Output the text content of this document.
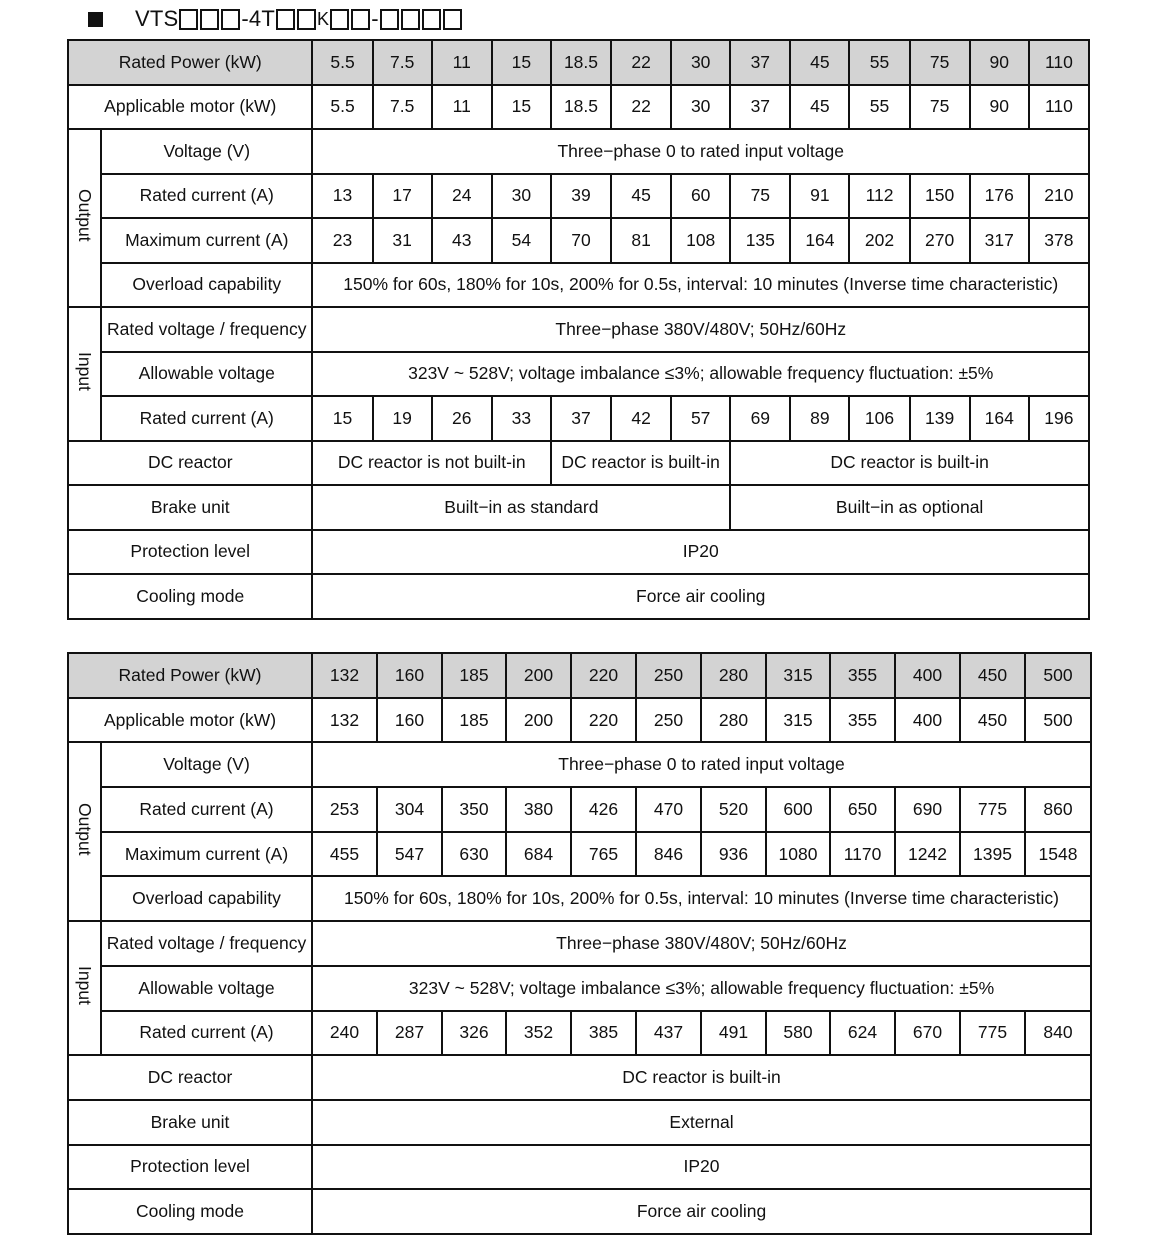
VTS	-4T K -
Rated Power (kW)		5.5	7.5	11	15	18.5	22	30	37	45	55	75	90	110
Applicable motor (kW)		5.5	7.5	11	15	18.5	22	30	37	45	55	75	90	110
Output	Voltage (V)	Three−phase 0 to rated input voltage												
	Rated current (A)	13	17	24	30	39	45	60	75	91	112	150	176	210
	Maximum current (A)	23	31	43	54	70	81	108	135	164	202	270	317	378
	Overload capability	150% for 60s, 180% for 10s, 200% for 0.5s, interval: 10 minutes (Inverse time characteristic)												
Input	Rated voltage / frequency	Three−phase 380V/480V; 50Hz/60Hz												
	Allowable voltage	323V ~ 528V; voltage imbalance ≤3%; allowable frequency fluctuation: ±5%												
	Rated current (A)	15	19	26	33	37	42	57	69	89	106	139	164	196
DC reactor		DC reactor is not built-in				DC reactor is built-in			DC reactor is built-in					
Brake unit		Built−in as standard							Built−in as optional					
Protection level		IP20												
Cooling mode		Force air cooling												
Rated Power (kW)		132	160	185	200	220	250	280	315	355	400	450	500
Applicable motor (kW)		132	160	185	200	220	250	280	315	355	400	450	500
Output	Voltage (V)	Three−phase 0 to rated input voltage											
	Rated current (A)	253	304	350	380	426	470	520	600	650	690	775	860
	Maximum current (A)	455	547	630	684	765	846	936	1080	1170	1242	1395	1548
	Overload capability	150% for 60s, 180% for 10s, 200% for 0.5s, interval: 10 minutes (Inverse time characteristic)											
Input	Rated voltage / frequency	Three−phase 380V/480V; 50Hz/60Hz											
	Allowable voltage	323V ~ 528V; voltage imbalance ≤3%; allowable frequency fluctuation: ±5%											
	Rated current (A)	240	287	326	352	385	437	491	580	624	670	775	840
DC reactor		DC reactor is built-in											
Brake unit		External											
Protection level		IP20											
Cooling mode		Force air cooling											
